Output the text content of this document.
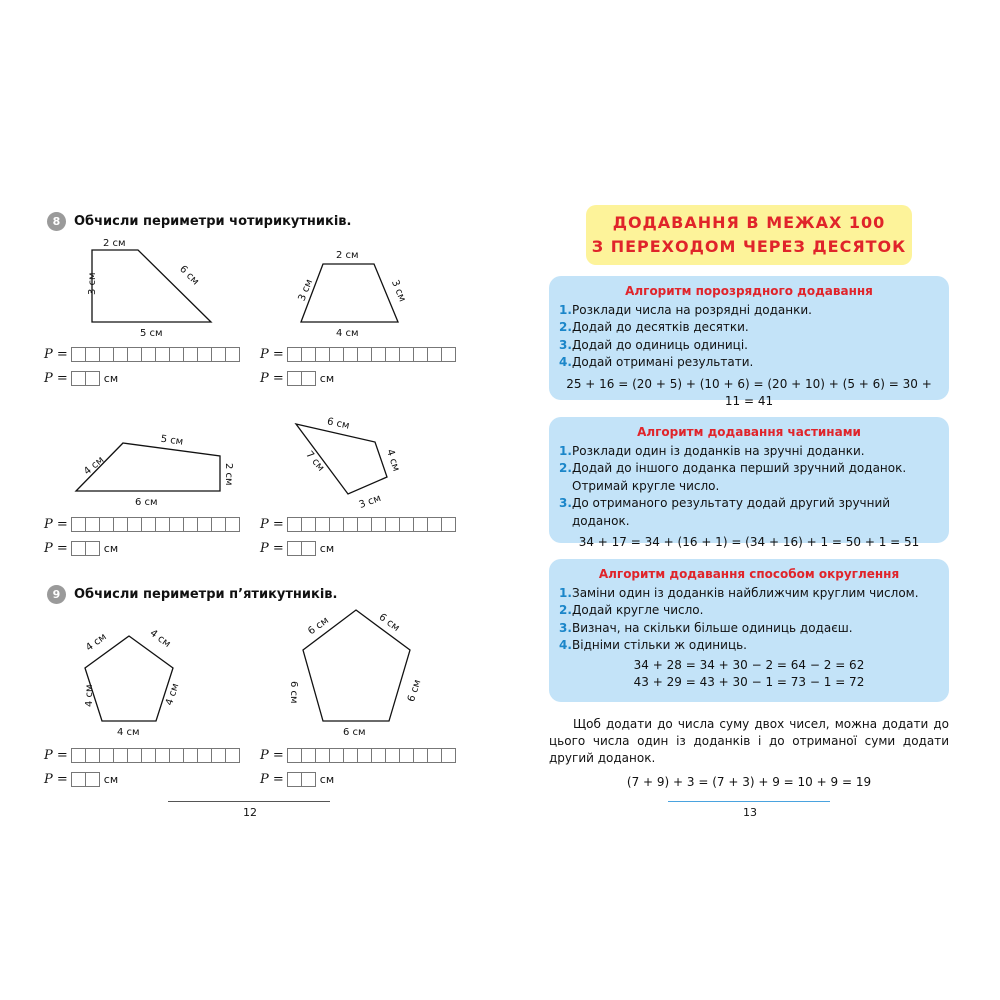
8	Обчисли периметри чотирикутників.
2 см
6 см
5 см
3 см
2 см
3 см
4 см
3 см
P =
P =	см
P =
P =	см
5 см
2 см
6 см
4 см
6 см
4 см
3 см
7 см
P =
P =	см
P =
P =	см
9	Обчисли периметри п’ятикутників.
4 см	4 см
4 см
4 см
4 см
6 см	6 см
6 см
6 см
6 см
P =
P =	см
P =
P =	см
12
ДОДАВАННЯ В МЕЖАХ 100
З ПЕРЕХОДОМ ЧЕРЕЗ ДЕСЯТОК
Алгоритм порозрядного додавання
1. Розклади числа на розрядні доданки.
2. Додай до десятків десятки.
3. Додай до одиниць одиниці.
4. Додай отримані результати.
25 + 16 = (20 + 5) + (10 + 6) = (20 + 10) + (5 + 6) = 30 + 11 = 41
Алгоритм додавання частинами
1. Розклади один із доданків на зручні доданки.
2. Додай до іншого доданка перший зручний доданок. Отримай кругле число.
3. До отриманого результату додай другий зручний доданок.
34 + 17 = 34 + (16 + 1) = (34 + 16) + 1 = 50 + 1 = 51
Алгоритм додавання способом округлення
1. Заміни один із доданків найближчим круглим числом.
2. Додай кругле число.
3. Визнач, на скільки більше одиниць додаєш.
4. Відніми стільки ж одиниць.
34 + 28 = 34 + 30 − 2 = 64 − 2 = 62
43 + 29 = 43 + 30 − 1 = 73 − 1 = 72
Щоб додати до числа суму двох чисел, можна додати до цього числа один із доданків і до отриманої суми додати другий доданок.
(7 + 9) + 3 = (7 + 3) + 9 = 10 + 9 = 19
13
